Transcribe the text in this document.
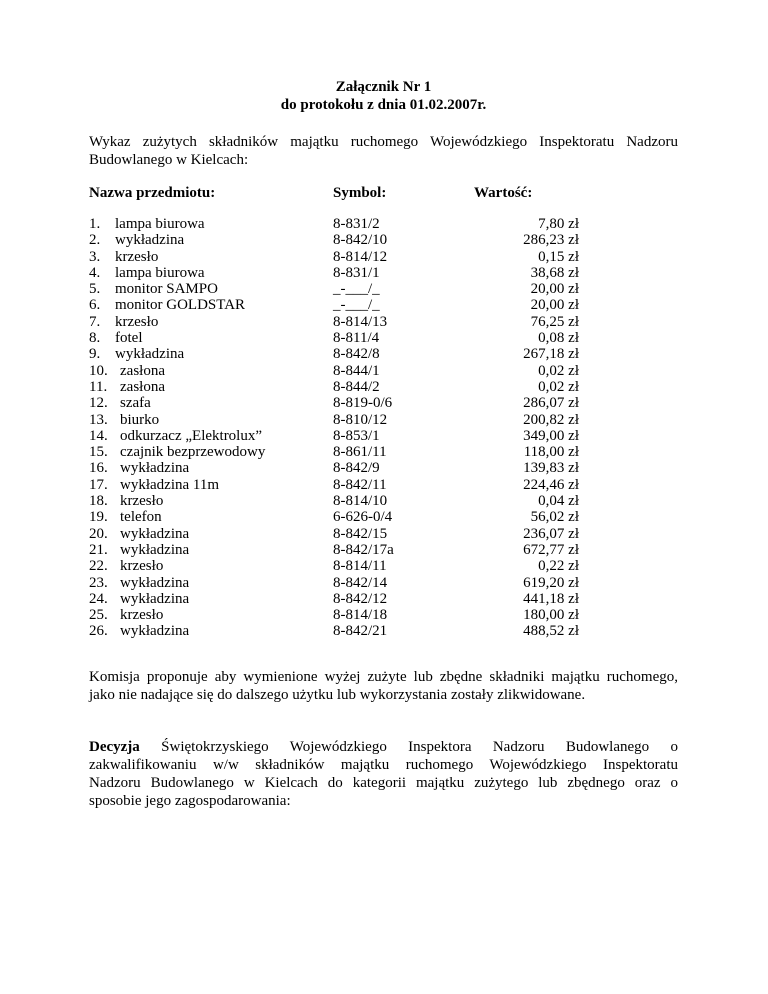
Załącznik Nr 1
do protokołu z dnia 01.02.2007r.
Wykaz zużytych składników majątku ruchomego Wojewódzkiego Inspektoratu Nadzoru
Budowlanego w Kielcach:
Nazwa przedmiotu:	Symbol:	Wartość:
1. lampa biurowa	8-831/2	7,80 zł
2. wykładzina	8-842/10	286,23 zł
3. krzesło	8-814/12	0,15 zł
4. lampa biurowa	8-831/1	38,68 zł
5. monitor SAMPO	_-___/_	20,00 zł
6. monitor GOLDSTAR	_-___/_	20,00 zł
7. krzesło	8-814/13	76,25 zł
8. fotel	8-811/4	0,08 zł
9. wykładzina	8-842/8	267,18 zł
10. zasłona	8-844/1	0,02 zł
11. zasłona	8-844/2	0,02 zł
12. szafa	8-819-0/6	286,07 zł
13. biurko	8-810/12	200,82 zł
14. odkurzacz „Elektrolux”	8-853/1	349,00 zł
15. czajnik bezprzewodowy	8-861/11	118,00 zł
16. wykładzina	8-842/9	139,83 zł
17. wykładzina 11m	8-842/11	224,46 zł
18. krzesło	8-814/10	0,04 zł
19. telefon	6-626-0/4	56,02 zł
20. wykładzina	8-842/15	236,07 zł
21. wykładzina	8-842/17a	672,77 zł
22. krzesło	8-814/11	0,22 zł
23. wykładzina	8-842/14	619,20 zł
24. wykładzina	8-842/12	441,18 zł
25. krzesło	8-814/18	180,00 zł
26. wykładzina	8-842/21	488,52 zł
Komisja proponuje aby wymienione wyżej zużyte lub zbędne składniki majątku ruchomego,
jako nie nadające się do dalszego użytku lub wykorzystania zostały zlikwidowane.
Decyzja Świętokrzyskiego Wojewódzkiego Inspektora Nadzoru Budowlanego o
zakwalifikowaniu w/w składników majątku ruchomego Wojewódzkiego Inspektoratu
Nadzoru Budowlanego w Kielcach do kategorii majątku zużytego lub zbędnego oraz o
sposobie jego zagospodarowania:
